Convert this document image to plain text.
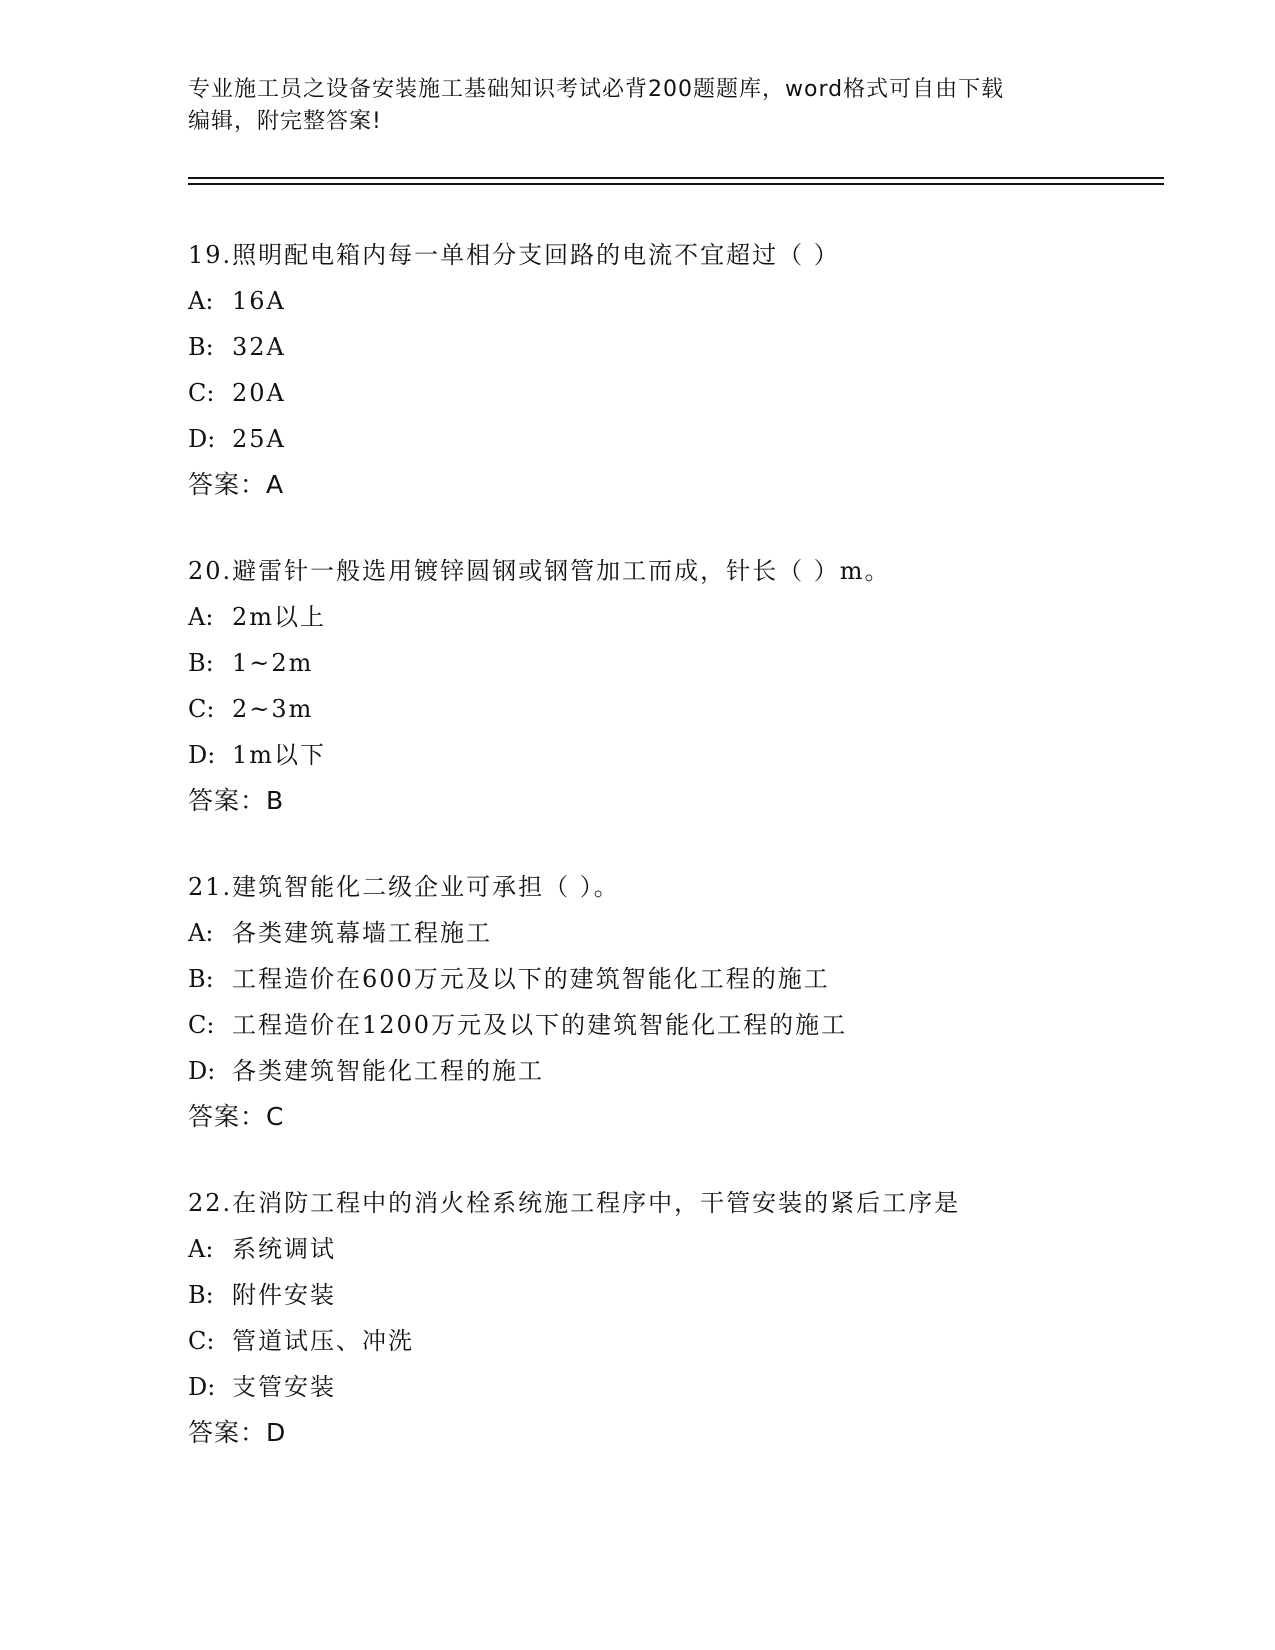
专业施工员之设备安装施工基础知识考试必背200题题库，word格式可自由下载
编辑，附完整答案!
19.照明配电箱内每一单相分支回路的电流不宜超过（ ）
A: 16A
B: 32A
C: 20A
D: 25A
答案：A
20.避雷针一般选用镀锌圆钢或钢管加工而成，针长（ ）m。
A: 2m以上
B: 1~2m
C: 2~3m
D: 1m以下
答案：B
21.建筑智能化二级企业可承担（ ）。
A: 各类建筑幕墙工程施工
B: 工程造价在600万元及以下的建筑智能化工程的施工
C: 工程造价在1200万元及以下的建筑智能化工程的施工
D: 各类建筑智能化工程的施工
答案：C
22.在消防工程中的消火栓系统施工程序中，干管安装的紧后工序是
A: 系统调试
B: 附件安装
C: 管道试压、冲洗
D: 支管安装
答案：D
